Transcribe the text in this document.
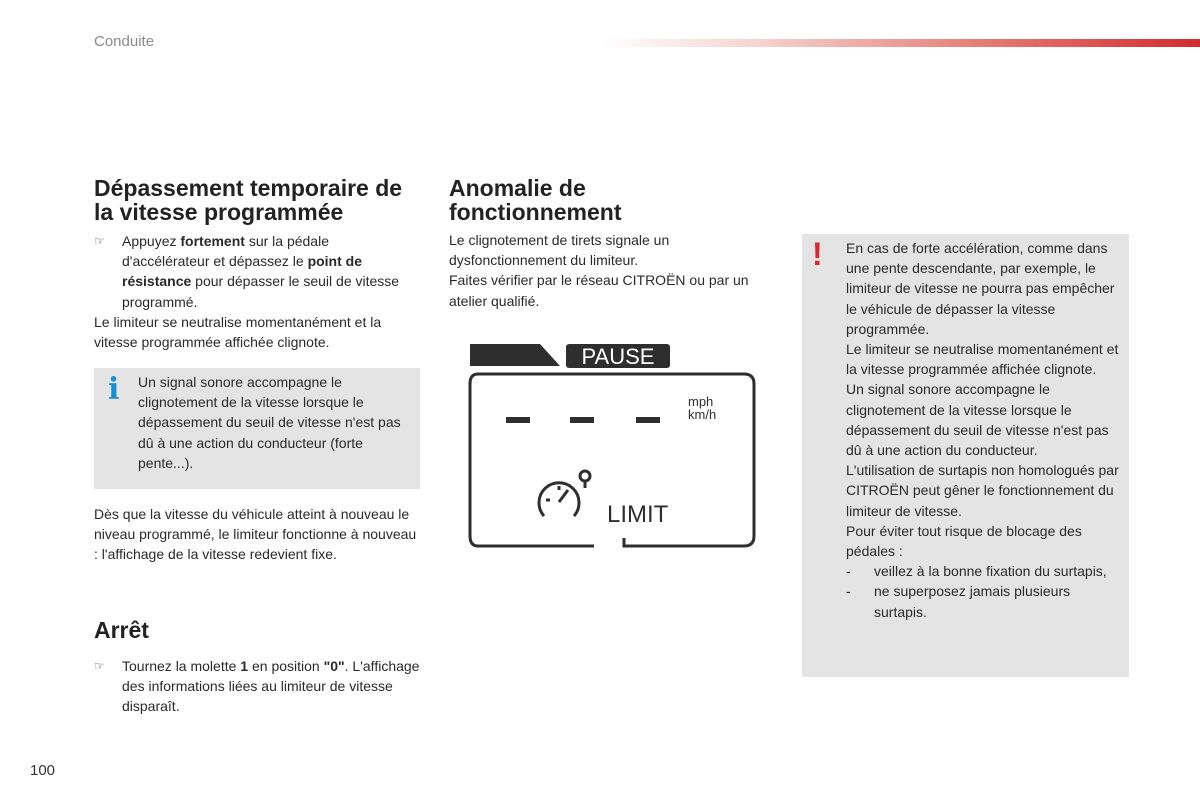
Conduite
Dépassement temporaire de
la vitesse programmée
☞	Appuyez fortement sur la pédale d'accélérateur et dépassez le point de résistance pour dépasser le seuil de vitesse programmé.
Le limiteur se neutralise momentanément et la vitesse programmée affichée clignote.
i Un signal sonore accompagne le clignotement de la vitesse lorsque le dépassement du seuil de vitesse n'est pas dû à une action du conducteur (forte pente...).
Dès que la vitesse du véhicule atteint à nouveau le niveau programmé, le limiteur fonctionne à nouveau : l'affichage de la vitesse redevient fixe.
Arrêt
☞	Tournez la molette 1 en position "0". L'affichage des informations liées au limiteur de vitesse disparaît.
Anomalie de
fonctionnement
Le clignotement de tirets signale un dysfonctionnement du limiteur.
Faites vérifier par le réseau CITROËN ou par un atelier qualifié.
PAUSE
mph
km/h
LIMIT
! En cas de forte accélération, comme dans une pente descendante, par exemple, le limiteur de vitesse ne pourra pas empêcher le véhicule de dépasser la vitesse programmée.
Le limiteur se neutralise momentanément et la vitesse programmée affichée clignote.
Un signal sonore accompagne le clignotement de la vitesse lorsque le dépassement du seuil de vitesse n'est pas dû à une action du conducteur.
L'utilisation de surtapis non homologués par CITROËN peut gêner le fonctionnement du limiteur de vitesse.
Pour éviter tout risque de blocage des pédales :
-	veillez à la bonne fixation du surtapis,
-	ne superposez jamais plusieurs surtapis.
100
